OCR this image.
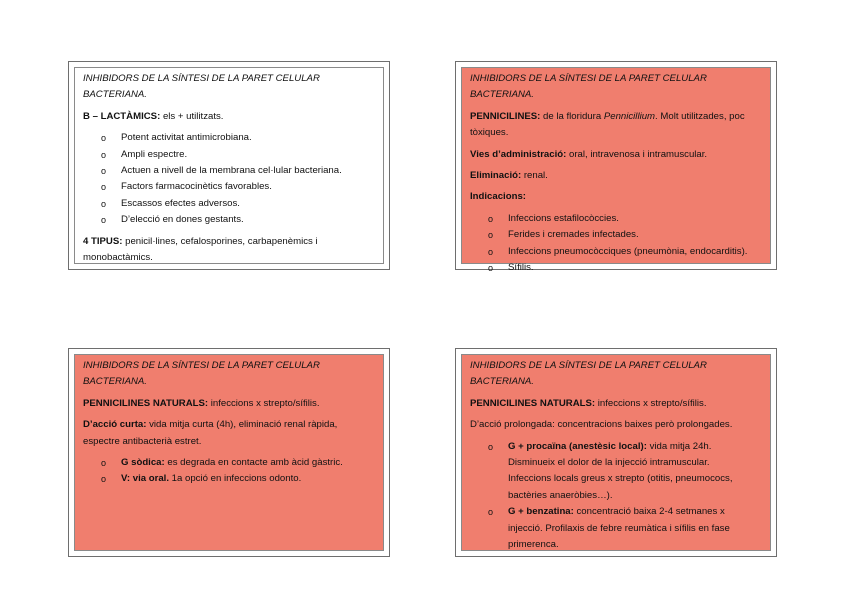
INHIBIDORS DE LA SÍNTESI DE LA PARET CELULAR BACTERIANA.

B – LACTÀMICS: els + utilitzats.

o Potent activitat antimicrobiana.
o Ampli espectre.
o Actuen a nivell de la membrana cel·lular bacteriana.
o Factors farmacocinètics favorables.
o Escassos efectes adversos.
o D’elecció en dones gestants.

4 TIPUS: penicil·lines, cefalosporines, carbapenèmics i

monobactàmics.

INHIBIDORS DE LA SÍNTESI DE LA PARET CELULAR BACTERIANA.

PENNICILINES: de la floridura Pennicillium. Molt utilitzades, poc

tòxiques.

Vies d’administració: oral, intravenosa i intramuscular.

Eliminació: renal.

Indicacions:

o Infeccions estafilocòccies.
o Ferides i cremades infectades.
o Infeccions pneumocòcciques (pneumònia, endocarditis).
o Sífilis.

INHIBIDORS DE LA SÍNTESI DE LA PARET CELULAR BACTERIANA.

PENNICILINES NATURALS: infeccions x strepto/sífilis.

D’acció curta: vida mitja curta (4h), eliminació renal ràpida,

espectre antibacterià estret.

o G sòdica: es degrada en contacte amb àcid gàstric.
o V: via oral. 1a opció en infeccions odonto.

INHIBIDORS DE LA SÍNTESI DE LA PARET CELULAR BACTERIANA.

PENNICILINES NATURALS: infeccions x strepto/sífilis.

D’acció prolongada: concentracions baixes però prolongades.

o G + procaïna (anestèsic local): vida mitja 24h.
Disminueix el dolor de la injecció intramuscular.
Infeccions locals greus x strepto (otitis, pneumococs,
bactèries anaeròbies…).
o G + benzatina: concentració baixa 2-4 setmanes x
injecció. Profilaxis de febre reumàtica i sífilis en fase
primerenca.
